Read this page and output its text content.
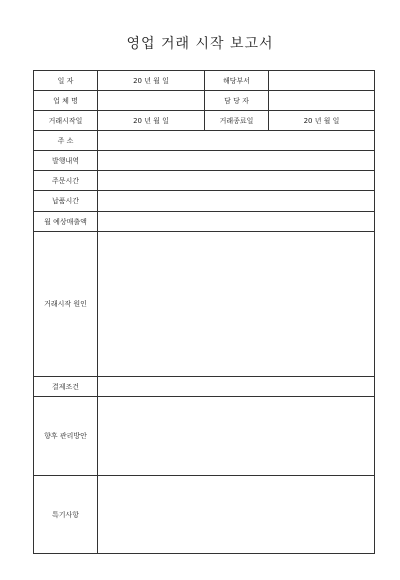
영업 거래 시작 보고서
일 자	20 년 월 일	해당부서	
업 체 명		담 당 자	
거래시작일	20 년 월 일	거래종료일	20 년 월 일
주 소			
발행내역			
주문시간			
납품시간			
월 예상매출액			
거래시작 원인			
결제조건			
향후 관리방안			
특기사항			
